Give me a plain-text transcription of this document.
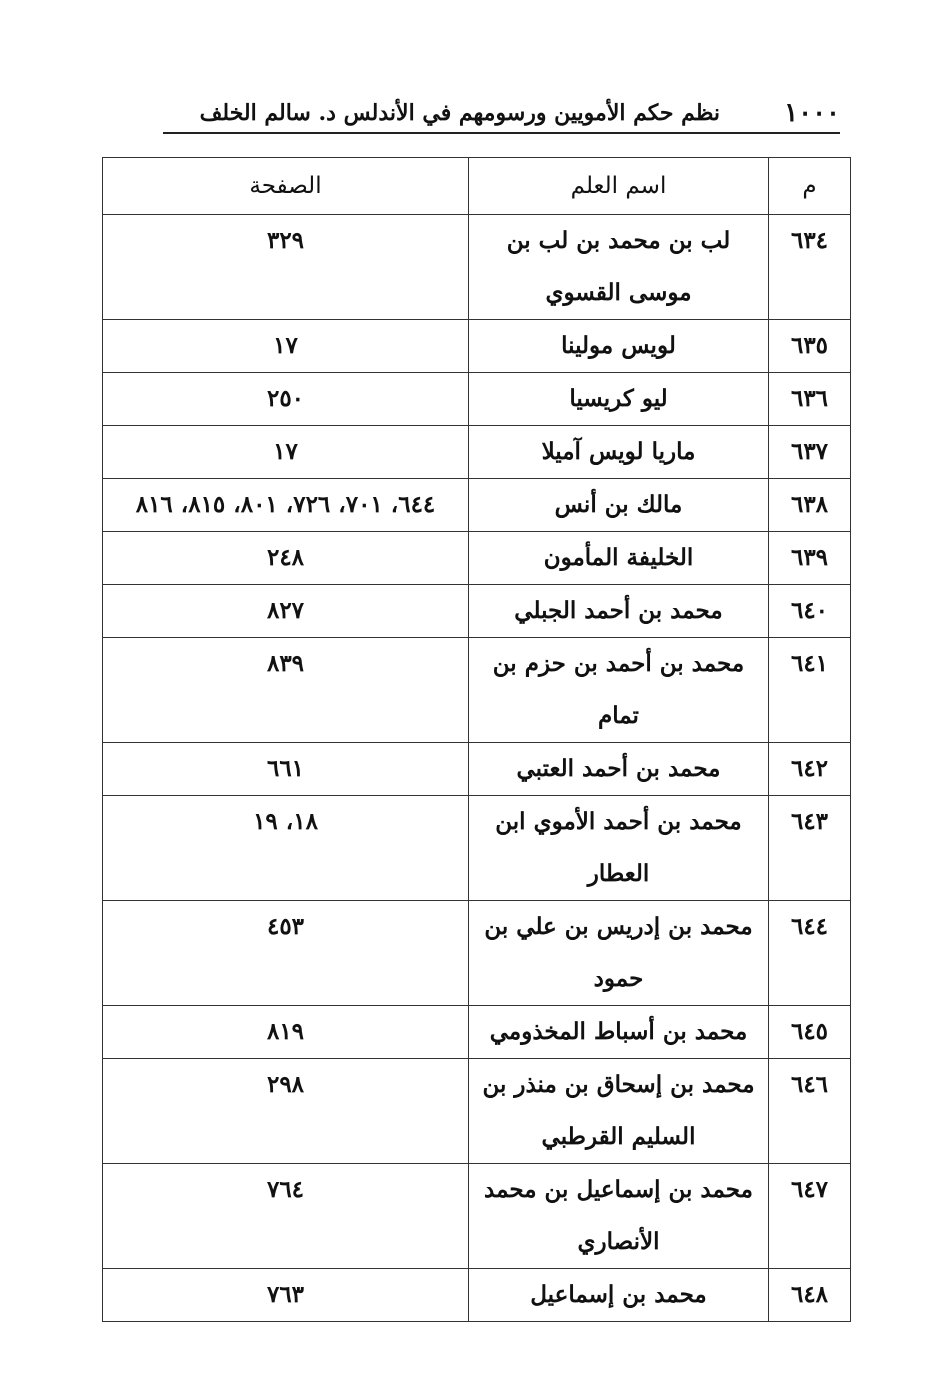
١٠٠٠
نظم حكم الأمويين ورسومهم في الأندلس د. سالم الخلف
م	اسم العلم	الصفحة
٦٣٤	لب بن محمد بن لب بن موسى القسوي	٣٢٩
٦٣٥	لويس مولينا	١٧
٦٣٦	ليو كريسيا	٢٥٠
٦٣٧	ماريا لويس آميلا	١٧
٦٣٨	مالك بن أنس	٦٤٤، ٧٠١، ٧٢٦، ٨٠١، ٨١٥، ٨١٦
٦٣٩	الخليفة المأمون	٢٤٨
٦٤٠	محمد بن أحمد الجبلي	٨٢٧
٦٤١	محمد بن أحمد بن حزم بن تمام	٨٣٩
٦٤٢	محمد بن أحمد العتبي	٦٦١
٦٤٣	محمد بن أحمد الأموي ابن العطار	١٨، ١٩
٦٤٤	محمد بن إدريس بن علي بن حمود	٤٥٣
٦٤٥	محمد بن أسباط المخذومي	٨١٩
٦٤٦	محمد بن إسحاق بن منذر بن السليم القرطبي	٢٩٨
٦٤٧	محمد بن إسماعيل بن محمد الأنصاري	٧٦٤
٦٤٨	محمد بن إسماعيل	٧٦٣
